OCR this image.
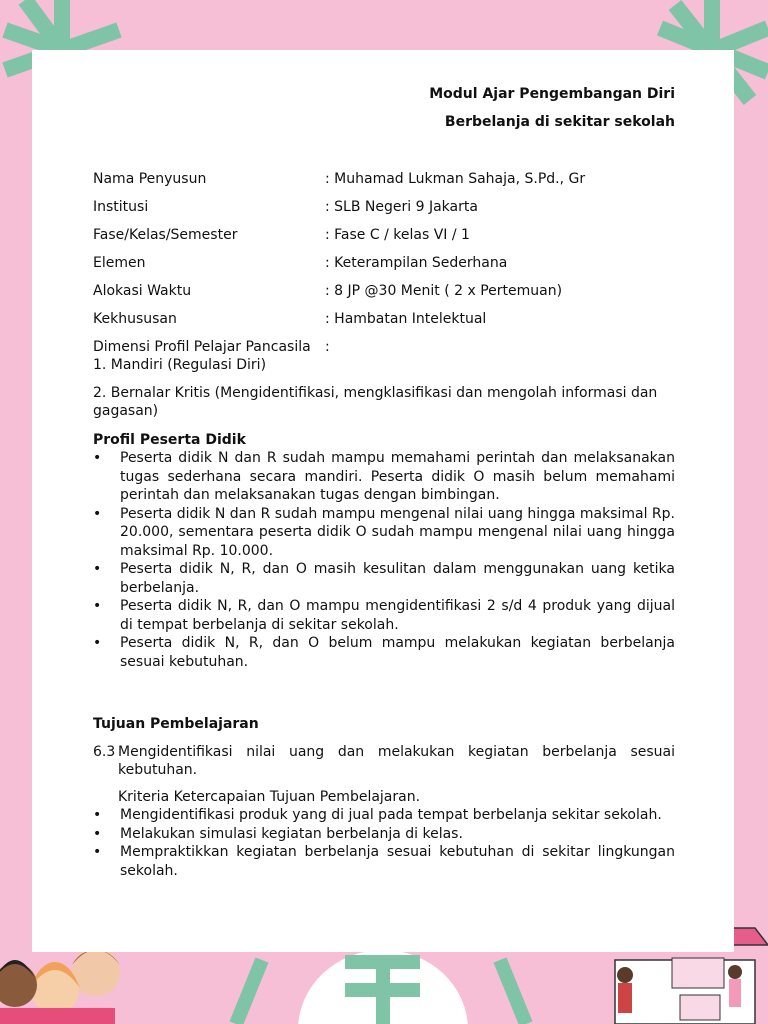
Modul Ajar Pengembangan Diri
Berbelanja di sekitar sekolah
Nama Penyusun	: Muhamad Lukman Sahaja, S.Pd., Gr
Institusi	: SLB Negeri 9 Jakarta
Fase/Kelas/Semester	: Fase C / kelas VI / 1
Elemen	: Keterampilan Sederhana
Alokasi Waktu	: 8 JP @30 Menit ( 2 x Pertemuan)
Kekhususan	: Hambatan Intelektual
Dimensi Profil Pelajar Pancasila	:
1. Mandiri (Regulasi Diri)
2. Bernalar Kritis (Mengidentifikasi, mengklasifikasi dan mengolah informasi dan gagasan)
Profil Peserta Didik
• Peserta didik N dan R sudah mampu memahami perintah dan melaksanakan tugas sederhana secara mandiri. Peserta didik O masih belum memahami perintah dan melaksanakan tugas dengan bimbingan.
• Peserta didik N dan R sudah mampu mengenal nilai uang hingga maksimal Rp. 20.000, sementara peserta didik O sudah mampu mengenal nilai uang hingga maksimal Rp. 10.000.
• Peserta didik N, R, dan O masih kesulitan dalam menggunakan uang ketika berbelanja.
• Peserta didik N, R, dan O mampu mengidentifikasi 2 s/d 4 produk yang dijual di tempat berbelanja di sekitar sekolah.
• Peserta didik N, R, dan O belum mampu melakukan kegiatan berbelanja sesuai kebutuhan.
Tujuan Pembelajaran
6.3 Mengidentifikasi nilai uang dan melakukan kegiatan berbelanja sesuai kebutuhan.
Kriteria Ketercapaian Tujuan Pembelajaran.
• Mengidentifikasi produk yang di jual pada tempat berbelanja sekitar sekolah.
• Melakukan simulasi kegiatan berbelanja di kelas.
• Mempraktikkan kegiatan berbelanja sesuai kebutuhan di sekitar lingkungan sekolah.
